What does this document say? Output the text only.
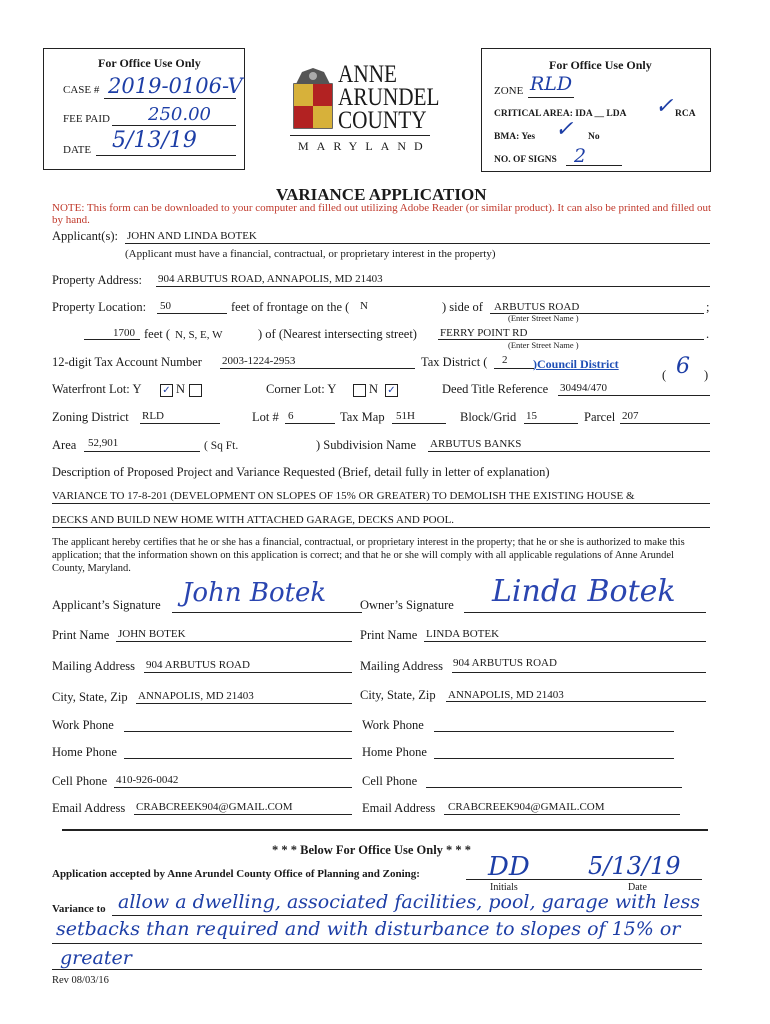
For Office Use Only
CASE # 2019-0106-V
FEE PAID 250.00
DATE 5/13/19
ANNE
ARUNDEL
COUNTY
MARYLAND
For Office Use Only
ZONE RLD
CRITICAL AREA: IDA __ LDA ✓ RCA
BMA: Yes ✓ No
NO. OF SIGNS 2
VARIANCE APPLICATION
NOTE: This form can be downloaded to your computer and filled out utilizing Adobe Reader (or similar product). It can also be printed and filled out by hand.
Applicant(s): JOHN AND LINDA BOTEK
(Applicant must have a financial, contractual, or proprietary interest in the property)
Property Address: 904 ARBUTUS ROAD, ANNAPOLIS, MD 21403
Property Location: 50	feet of frontage on the ( N	) side of ARBUTUS ROAD	;
(Enter Street Name )
1700 feet ( N, S, E, W	) of (Nearest intersecting street) FERRY POINT RD	.
(Enter Street Name )
12-digit Tax Account Number 2003-1224-2953	Tax District ( 2 )Council District
( 6 )
Waterfront Lot: Y ✓ N	Corner Lot: Y	N ✓	Deed Title Reference 30494/470
Zoning District RLD	Lot # 6	Tax Map 51H	Block/Grid 15	Parcel 207
Area 52,901	( Sq Ft.	) Subdivision Name ARBUTUS BANKS
Description of Proposed Project and Variance Requested (Brief, detail fully in letter of explanation)
VARIANCE TO 17-8-201 (DEVELOPMENT ON SLOPES OF 15% OR GREATER) TO DEMOLISH THE EXISTING HOUSE &
DECKS AND BUILD NEW HOME WITH ATTACHED GARAGE, DECKS AND POOL.
The applicant hereby certifies that he or she has a financial, contractual, or proprietary interest in the property; that he or she is authorized to make this application; that the information shown on this application is correct; and that he or she will comply with all applicable regulations of Anne Arundel County, Maryland.
Applicant’s Signature John Botek	Owner’s Signature Linda Botek
Print Name JOHN BOTEK	Print Name LINDA BOTEK
Mailing Address 904 ARBUTUS ROAD	Mailing Address 904 ARBUTUS ROAD
City, State, Zip ANNAPOLIS, MD 21403	City, State, Zip ANNAPOLIS, MD 21403
Work Phone	Work Phone
Home Phone	Home Phone
Cell Phone 410-926-0042	Cell Phone
Email Address CRABCREEK904@GMAIL.COM	Email Address CRABCREEK904@GMAIL.COM
* * * Below For Office Use Only * * *
Application accepted by Anne Arundel County Office of Planning and Zoning:	DD 5/13/19
Initials	Date
Variance to allow a dwelling, associated facilities, pool, garage with less
setbacks than required and with disturbance to slopes of 15% or
greater
Rev 08/03/16
